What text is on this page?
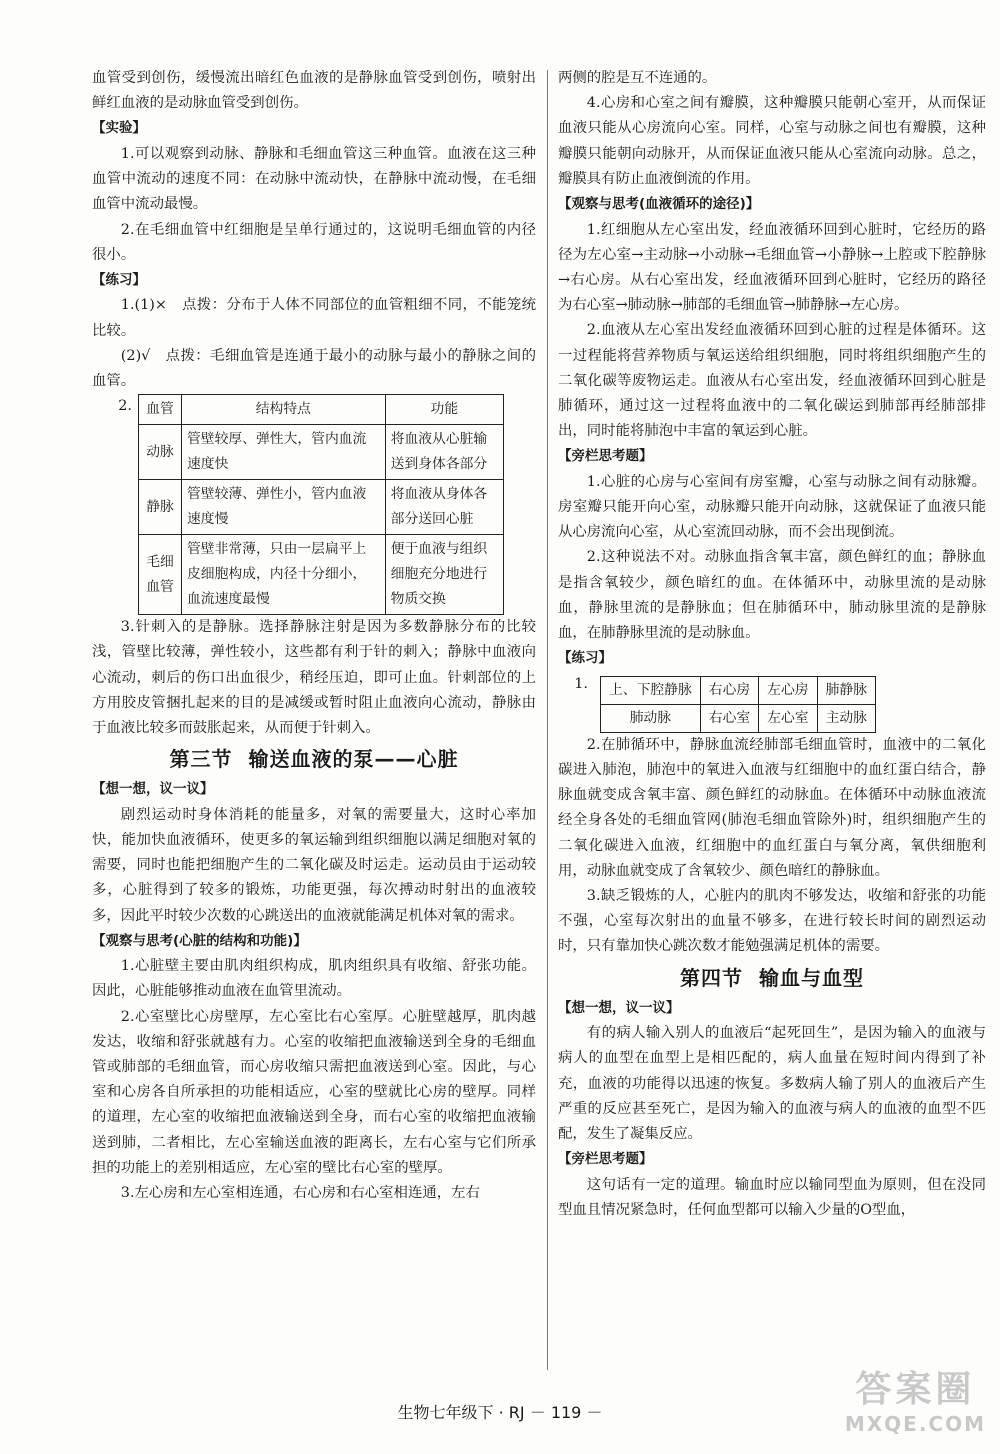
血管受到创伤，缓慢流出暗红色血液的是静脉血管受到创伤，喷射出鲜红血液的是动脉血管受到创伤。

【实验】

1.可以观察到动脉、静脉和毛细血管这三种血管。血液在这三种血管中流动的速度不同：在动脉中流动快，在静脉中流动慢，在毛细血管中流动最慢。

2.在毛细血管中红细胞是呈单行通过的，这说明毛细血管的内径很小。

【练习】

1.(1)×　点拨：分布于人体不同部位的血管粗细不同，不能笼统比较。

(2)√　点拨：毛细血管是连通于最小的动脉与最小的静脉之间的血管。

2. 血管	结构特点	功能
动脉	管壁较厚、弹性大，管内血流速度快	将血液从心脏输送到身体各部分
静脉	管壁较薄、弹性小，管内血液速度慢	将血液从身体各部分送回心脏
毛细血管	管壁非常薄，只由一层扁平上皮细胞构成，内径十分细小，血流速度最慢	便于血液与组织细胞充分地进行物质交换

3.针刺入的是静脉。选择静脉注射是因为多数静脉分布的比较浅，管壁比较薄，弹性较小，这些都有利于针的刺入；静脉中血液向心流动，刺后的伤口出血很少，稍经压迫，即可止血。针刺部位的上方用胶皮管捆扎起来的目的是减缓或暂时阻止血液向心流动，静脉由于血液比较多而鼓胀起来，从而便于针刺入。

第三节 输送血液的泵——心脏

【想一想，议一议】

剧烈运动时身体消耗的能量多，对氧的需要量大，这时心率加快，能加快血液循环，使更多的氧运输到组织细胞以满足细胞对氧的需要，同时也能把细胞产生的二氧化碳及时运走。运动员由于运动较多，心脏得到了较多的锻炼，功能更强，每次搏动时射出的血液较多，因此平时较少次数的心跳送出的血液就能满足机体对氧的需求。

【观察与思考(心脏的结构和功能)】

1.心脏壁主要由肌肉组织构成，肌肉组织具有收缩、舒张功能。因此，心脏能够推动血液在血管里流动。

2.心室壁比心房壁厚，左心室比右心室厚。心脏壁越厚，肌肉越发达，收缩和舒张就越有力。心室的收缩把血液输送到全身的毛细血管或肺部的毛细血管，而心房收缩只需把血液送到心室。因此，与心室和心房各自所承担的功能相适应，心室的壁就比心房的壁厚。同样的道理，左心室的收缩把血液输送到全身，而右心室的收缩把血液输送到肺，二者相比，左心室输送血液的距离长，左右心室与它们所承担的功能上的差别相适应，左心室的壁比右心室的壁厚。

3.左心房和左心室相连通，右心房和右心室相连通，左右

两侧的腔是互不连通的。

4.心房和心室之间有瓣膜，这种瓣膜只能朝心室开，从而保证血液只能从心房流向心室。同样，心室与动脉之间也有瓣膜，这种瓣膜只能朝向动脉开，从而保证血液只能从心室流向动脉。总之，瓣膜具有防止血液倒流的作用。

【观察与思考(血液循环的途径)】

1.红细胞从左心室出发，经血液循环回到心脏时，它经历的路径为左心室→主动脉→小动脉→毛细血管→小静脉→上腔或下腔静脉→右心房。从右心室出发，经血液循环回到心脏时，它经历的路径为右心室→肺动脉→肺部的毛细血管→肺静脉→左心房。

2.血液从左心室出发经血液循环回到心脏的过程是体循环。这一过程能将营养物质与氧运送给组织细胞，同时将组织细胞产生的二氧化碳等废物运走。血液从右心室出发，经血液循环回到心脏是肺循环，通过这一过程将血液中的二氧化碳运到肺部再经肺部排出，同时能将肺泡中丰富的氧运到心脏。

【旁栏思考题】

1.心脏的心房与心室间有房室瓣，心室与动脉之间有动脉瓣。房室瓣只能开向心室，动脉瓣只能开向动脉，这就保证了血液只能从心房流向心室，从心室流回动脉，而不会出现倒流。

2.这种说法不对。动脉血指含氧丰富，颜色鲜红的血；静脉血是指含氧较少，颜色暗红的血。在体循环中，动脉里流的是动脉血，静脉里流的是静脉血；但在肺循环中，肺动脉里流的是静脉血，在肺静脉里流的是动脉血。

【练习】

1. 上、下腔静脉	右心房	左心房	肺静脉
肺动脉	右心室	左心室	主动脉

2.在肺循环中，静脉血流经肺部毛细血管时，血液中的二氧化碳进入肺泡，肺泡中的氧进入血液与红细胞中的血红蛋白结合，静脉血就变成含氧丰富、颜色鲜红的动脉血。在体循环中动脉血液流经全身各处的毛细血管网(肺泡毛细血管除外)时，组织细胞产生的二氧化碳进入血液，红细胞中的血红蛋白与氧分离，氧供细胞利用，动脉血就变成了含氧较少、颜色暗红的静脉血。

3.缺乏锻炼的人，心脏内的肌肉不够发达，收缩和舒张的功能不强，心室每次射出的血量不够多，在进行较长时间的剧烈运动时，只有靠加快心跳次数才能勉强满足机体的需要。

第四节 输血与血型

【想一想，议一议】

有的病人输入别人的血液后“起死回生”，是因为输入的血液与病人的血型在血型上是相匹配的，病人血量在短时间内得到了补充，血液的功能得以迅速的恢复。多数病人输了别人的血液后产生严重的反应甚至死亡，是因为输入的血液与病人的血液的血型不匹配，发生了凝集反应。

【旁栏思考题】

这句话有一定的道理。输血时应以输同型血为原则，但在没同型血且情况紧急时，任何血型都可以输入少量的O型血，

生物七年级下 · RJ － 119 －
答案圈
MXQE.COM
